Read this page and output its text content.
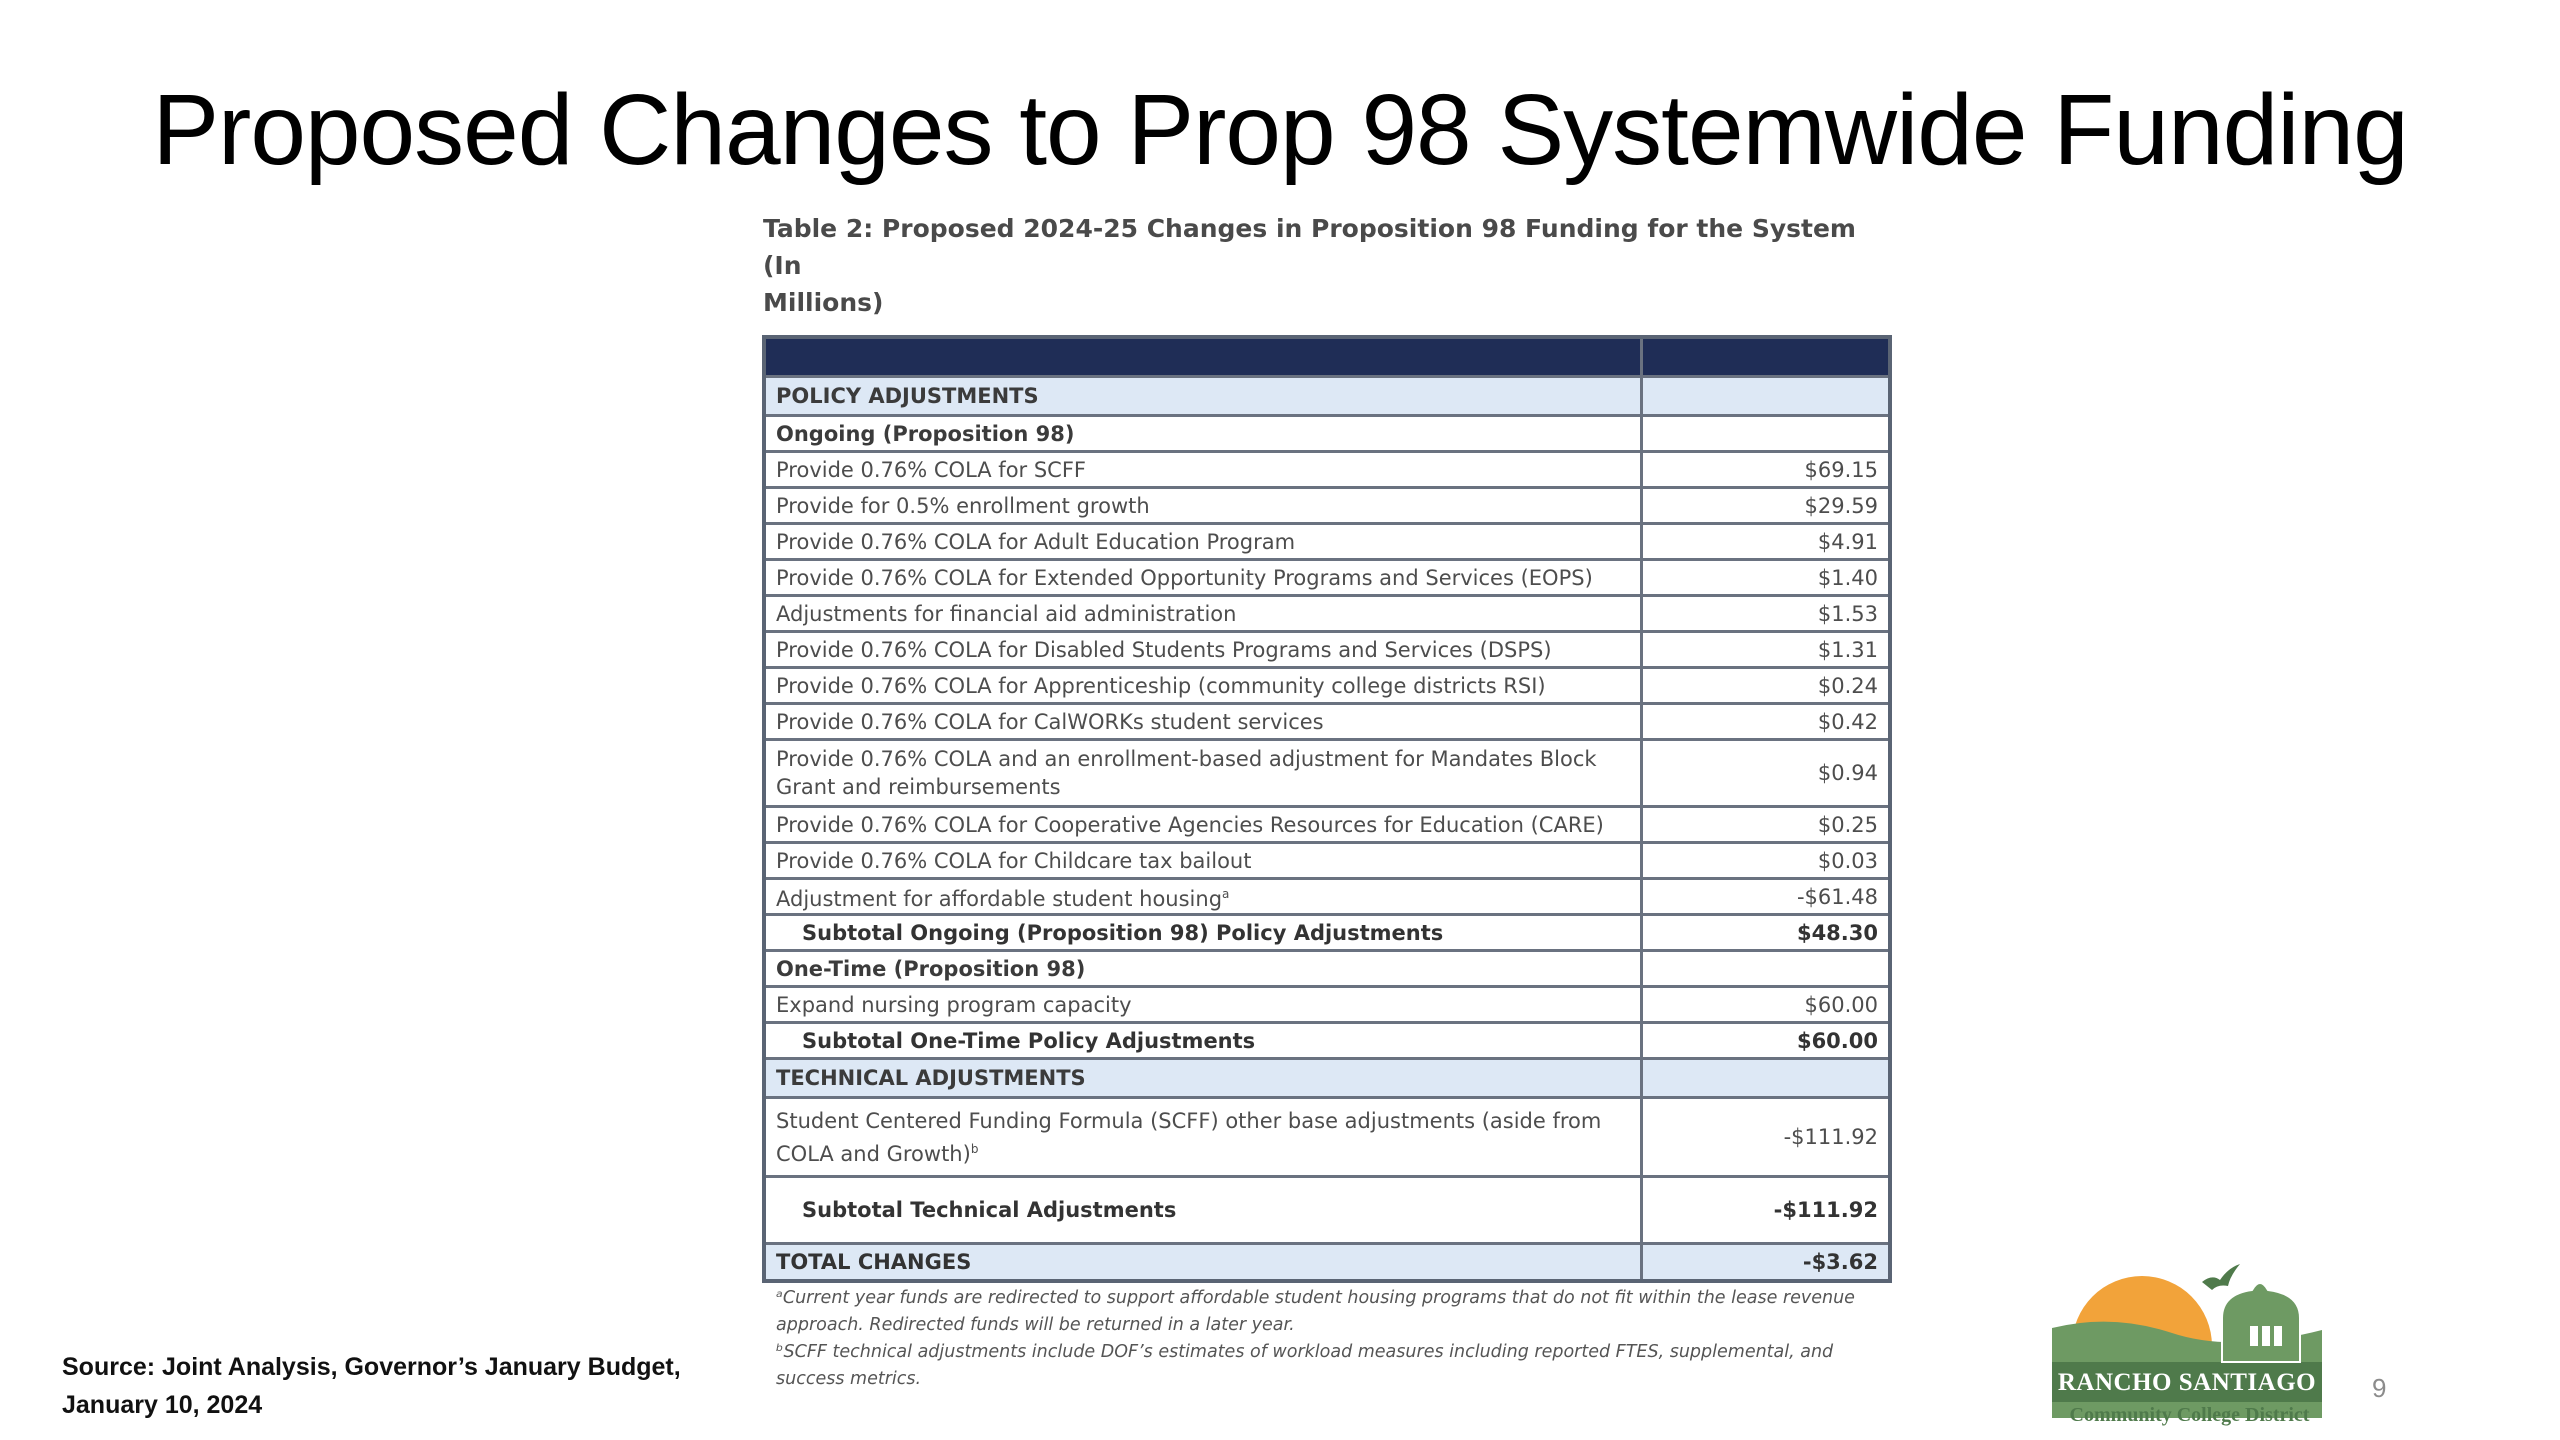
Proposed Changes to Prop 98 Systemwide Funding
Table 2: Proposed 2024-25 Changes in Proposition 98 Funding for the System (In
Millions)

POLICY ADJUSTMENTS	
Ongoing (Proposition 98)	
Provide 0.76% COLA for SCFF	$69.15
Provide for 0.5% enrollment growth	$29.59
Provide 0.76% COLA for Adult Education Program	$4.91
Provide 0.76% COLA for Extended Opportunity Programs and Services (EOPS)	$1.40
Adjustments for financial aid administration	$1.53
Provide 0.76% COLA for Disabled Students Programs and Services (DSPS)	$1.31
Provide 0.76% COLA for Apprenticeship (community college districts RSI)	$0.24
Provide 0.76% COLA for CalWORKs student services	$0.42
Provide 0.76% COLA and an enrollment-based adjustment for Mandates Block Grant and reimbursements	$0.94
Provide 0.76% COLA for Cooperative Agencies Resources for Education (CARE)	$0.25
Provide 0.76% COLA for Childcare tax bailout	$0.03
Adjustment for affordable student housing$^a$	-$61.48
Subtotal Ongoing (Proposition 98) Policy Adjustments	$48.30
One-Time (Proposition 98)	
Expand nursing program capacity	$60.00
Subtotal One-Time Policy Adjustments	$60.00
TECHNICAL ADJUSTMENTS	
Student Centered Funding Formula (SCFF) other base adjustments (aside from COLA and Growth)$^b$	-$111.92
Subtotal Technical Adjustments	-$111.92
TOTAL CHANGES	-$3.62
ᵃCurrent year funds are redirected to support affordable student housing programs that do not fit within the lease revenue approach. Redirected funds will be returned in a later year.
ᵇSCFF technical adjustments include DOF’s estimates of workload measures including reported FTES, supplemental, and success metrics.
Source: Joint Analysis, Governor’s January Budget,
January 10, 2024
RANCHO SANTIAGO
Community College District
9
